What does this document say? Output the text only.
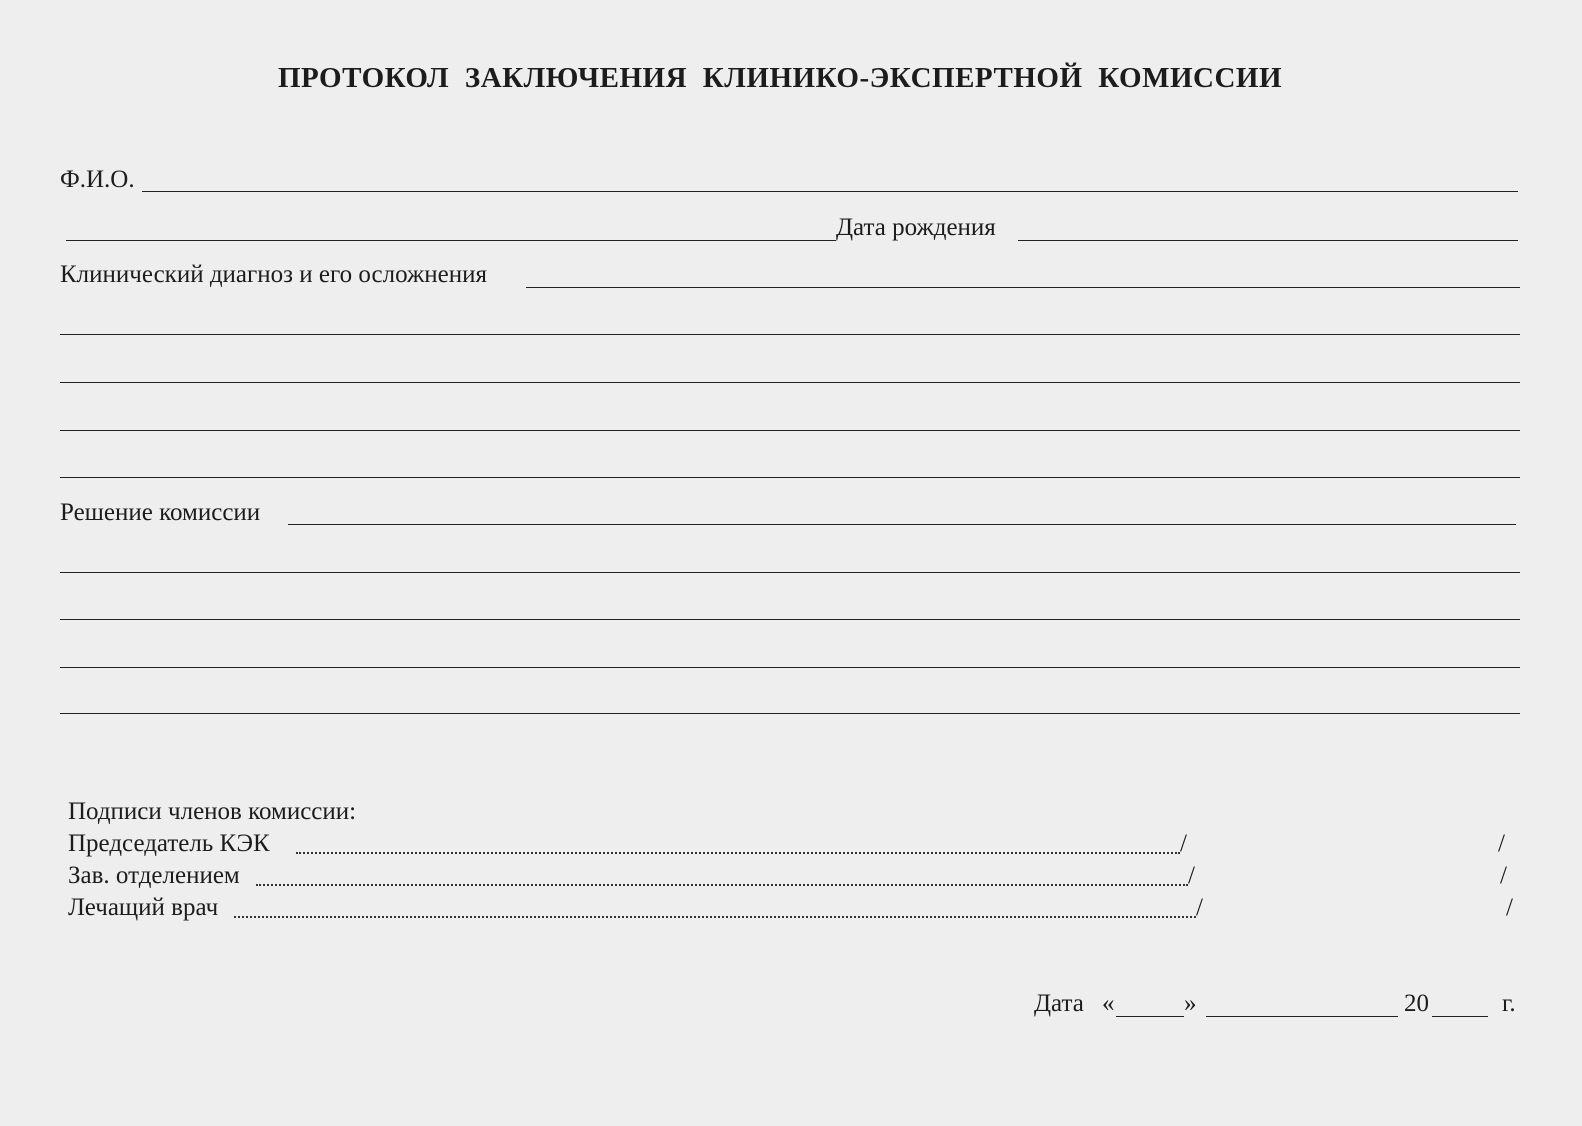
ПРОТОКОЛ ЗАКЛЮЧЕНИЯ КЛИНИКО-ЭКСПЕРТНОЙ КОМИССИИ
Ф.И.О.
Дата рождения
Клинический диагноз и его осложнения
Решение комиссии
Подписи членов комиссии:
Председатель КЭК	/	/
Зав. отделением	/	/
Лечащий врач	/	/
Дата «	»	20	г.
